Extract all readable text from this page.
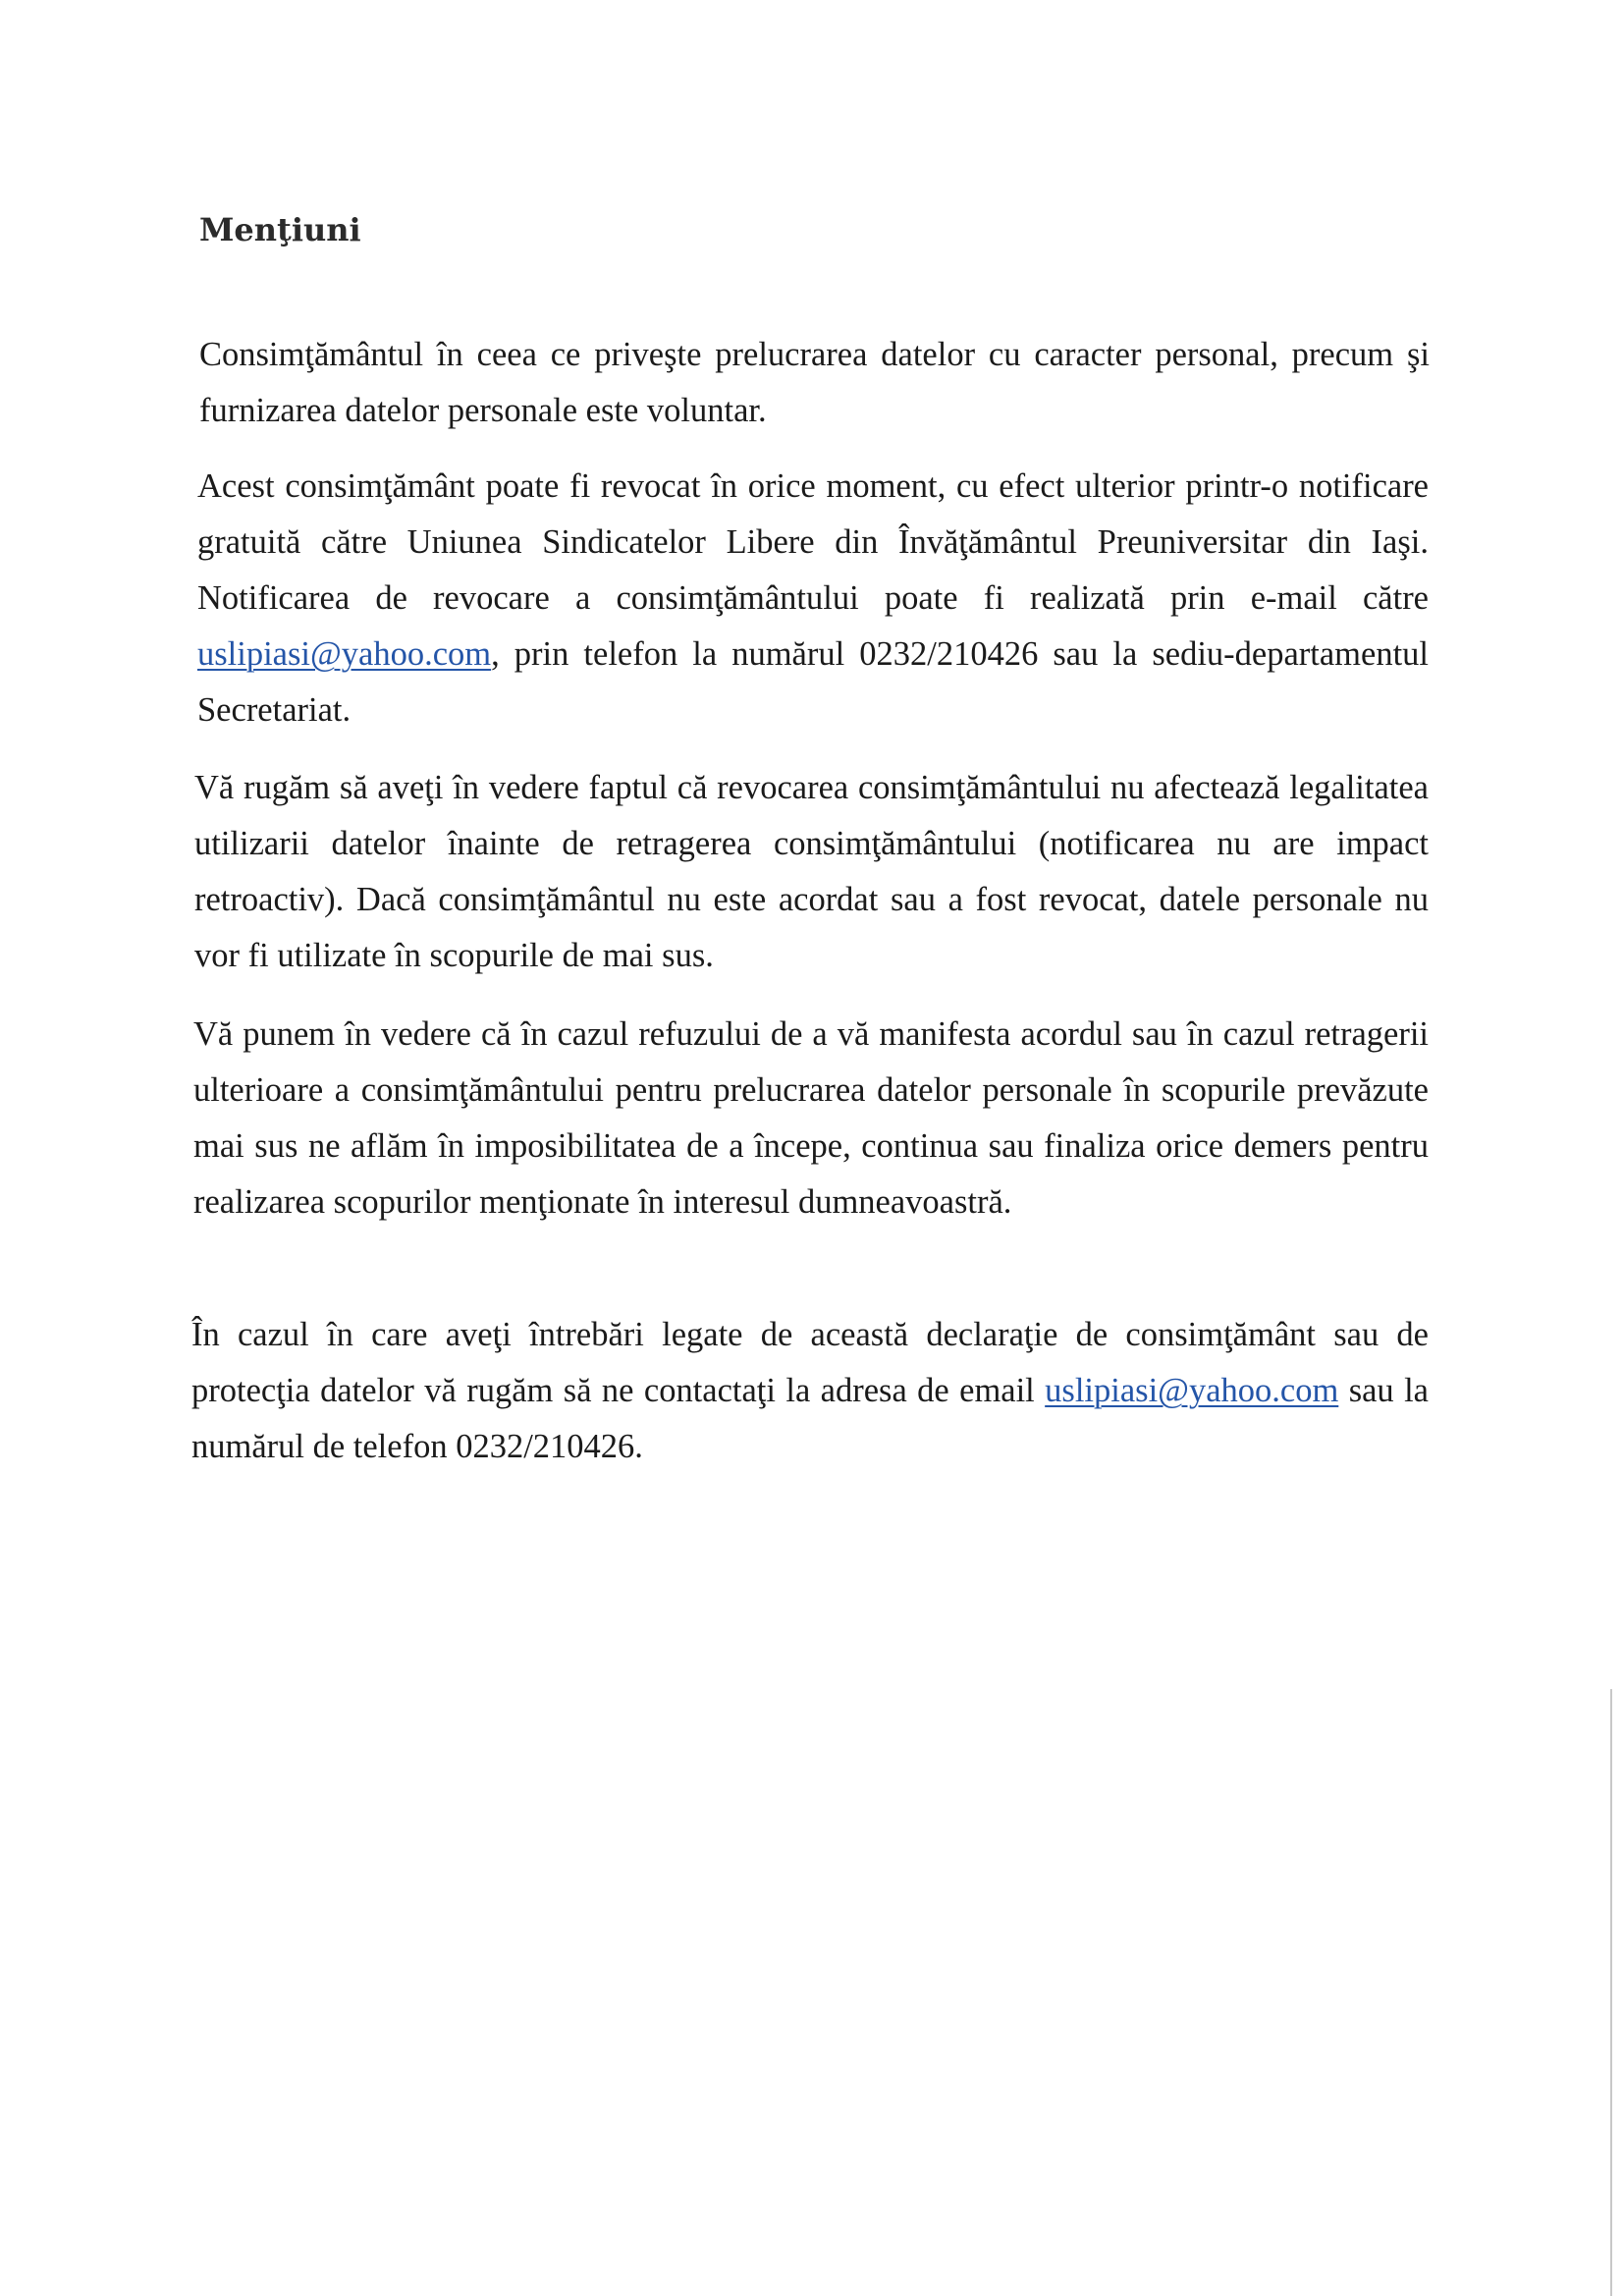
Menţiuni

Consimţământul în ceea ce priveşte prelucrarea datelor cu caracter personal, precum şi furnizarea datelor personale este voluntar.

Acest consimţământ poate fi revocat în orice moment, cu efect ulterior printr-o notificare gratuită către Uniunea Sindicatelor Libere din Învăţământul Preuniversitar din Iaşi. Notificarea de revocare a consimţământului poate fi realizată prin e-mail către uslipiasi@yahoo.com, prin telefon la numărul 0232/210426 sau la sediu-departamentul Secretariat.

Vă rugăm să aveţi în vedere faptul că revocarea consimţământului nu afectează legalitatea utilizarii datelor înainte de retragerea consimţământului (notificarea nu are impact retroactiv). Dacă consimţământul nu este acordat sau a fost revocat, datele personale nu vor fi utilizate în scopurile de mai sus.

Vă punem în vedere că în cazul refuzului de a vă manifesta acordul sau în cazul retragerii ulterioare a consimţământului pentru prelucrarea datelor personale în scopurile prevăzute mai sus ne aflăm în imposibilitatea de a începe, continua sau finaliza orice demers pentru realizarea scopurilor menţionate în interesul dumneavoastră.

În cazul în care aveţi întrebări legate de această declaraţie de consimţământ sau de protecţia datelor vă rugăm să ne contactaţi la adresa de email uslipiasi@yahoo.com sau la numărul de telefon 0232/210426.
